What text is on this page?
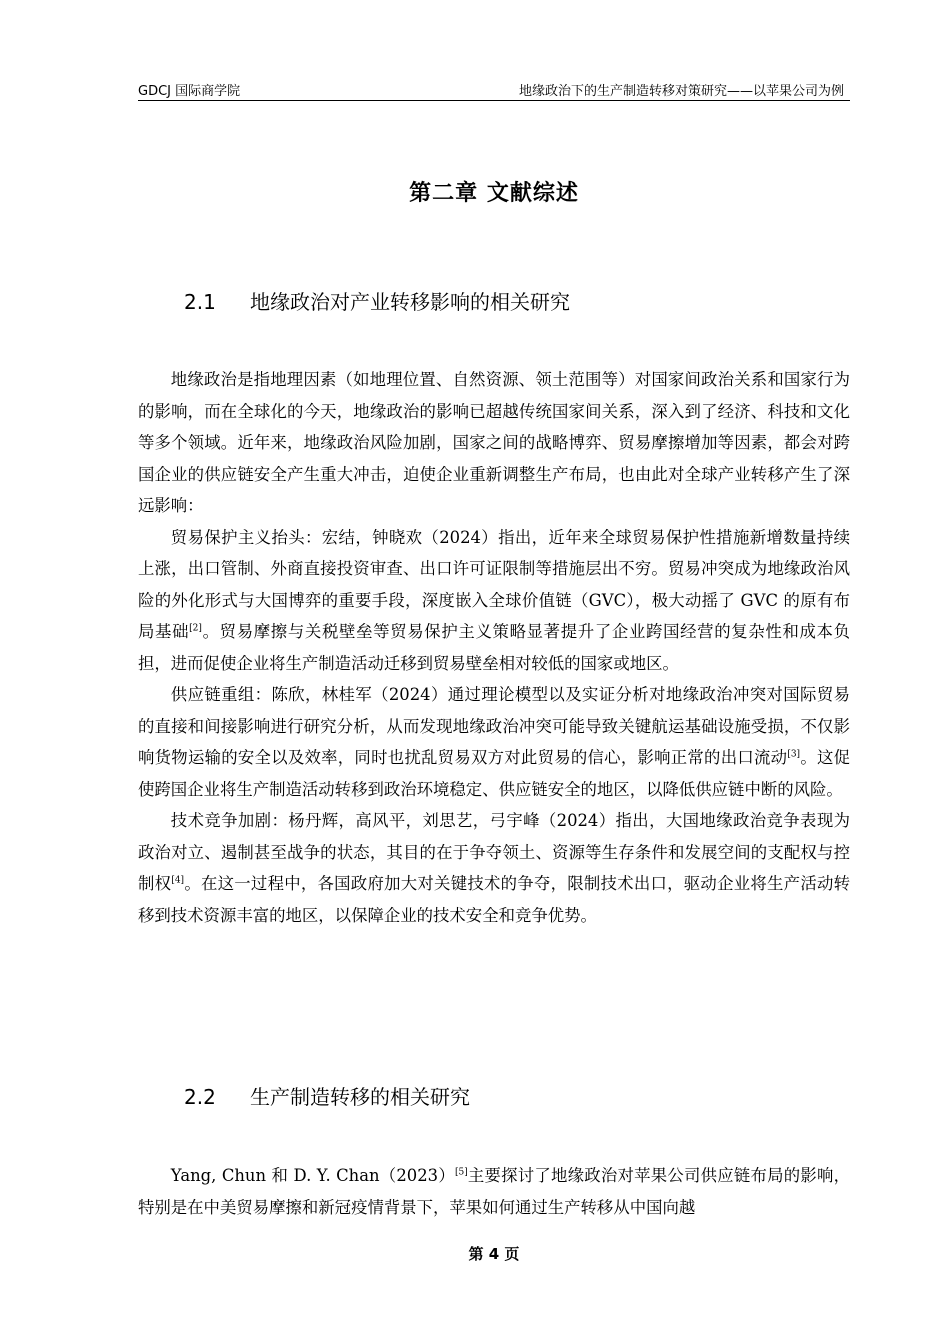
GDCJ 国际商学院	地缘政治下的生产制造转移对策研究——以苹果公司为例
第二章 文献综述
2.1 地缘政治对产业转移影响的相关研究

地缘政治是指地理因素（如地理位置、自然资源、领土范围等）对国家间政治关系和国家行为的影响，而在全球化的今天，地缘政治的影响已超越传统国家间关系，深入到了经济、科技和文化等多个领域。近年来，地缘政治风险加剧，国家之间的战略博弈、贸易摩擦增加等因素，都会对跨国企业的供应链安全产生重大冲击，迫使企业重新调整生产布局，也由此对全球产业转移产生了深远影响：

贸易保护主义抬头：宏结，钟晓欢（2024）指出，近年来全球贸易保护性措施新增数量持续上涨，出口管制、外商直接投资审查、出口许可证限制等措施层出不穷。贸易冲突成为地缘政治风险的外化形式与大国博弈的重要手段，深度嵌入全球价值链（GVC），极大动摇了 GVC 的原有布局基础[2]。贸易摩擦与关税壁垒等贸易保护主义策略显著提升了企业跨国经营的复杂性和成本负担，进而促使企业将生产制造活动迁移到贸易壁垒相对较低的国家或地区。

供应链重组：陈欣，林桂军（2024）通过理论模型以及实证分析对地缘政治冲突对国际贸易的直接和间接影响进行研究分析，从而发现地缘政治冲突可能导致关键航运基础设施受损，不仅影响货物运输的安全以及效率，同时也扰乱贸易双方对此贸易的信心，影响正常的出口流动[3]。这促使跨国企业将生产制造活动转移到政治环境稳定、供应链安全的地区，以降低供应链中断的风险。

技术竞争加剧：杨丹辉，高风平，刘思艺，弓宇峰（2024）指出，大国地缘政治竞争表现为政治对立、遏制甚至战争的状态，其目的在于争夺领土、资源等生存条件和发展空间的支配权与控制权[4]。在这一过程中，各国政府加大对关键技术的争夺，限制技术出口，驱动企业将生产活动转移到技术资源丰富的地区，以保障企业的技术安全和竞争优势。

2.2 生产制造转移的相关研究

Yang, Chun 和 D. Y. Chan（2023）[5]主要探讨了地缘政治对苹果公司供应链布局的影响，特别是在中美贸易摩擦和新冠疫情背景下，苹果如何通过生产转移从中国向越

第 4 页
